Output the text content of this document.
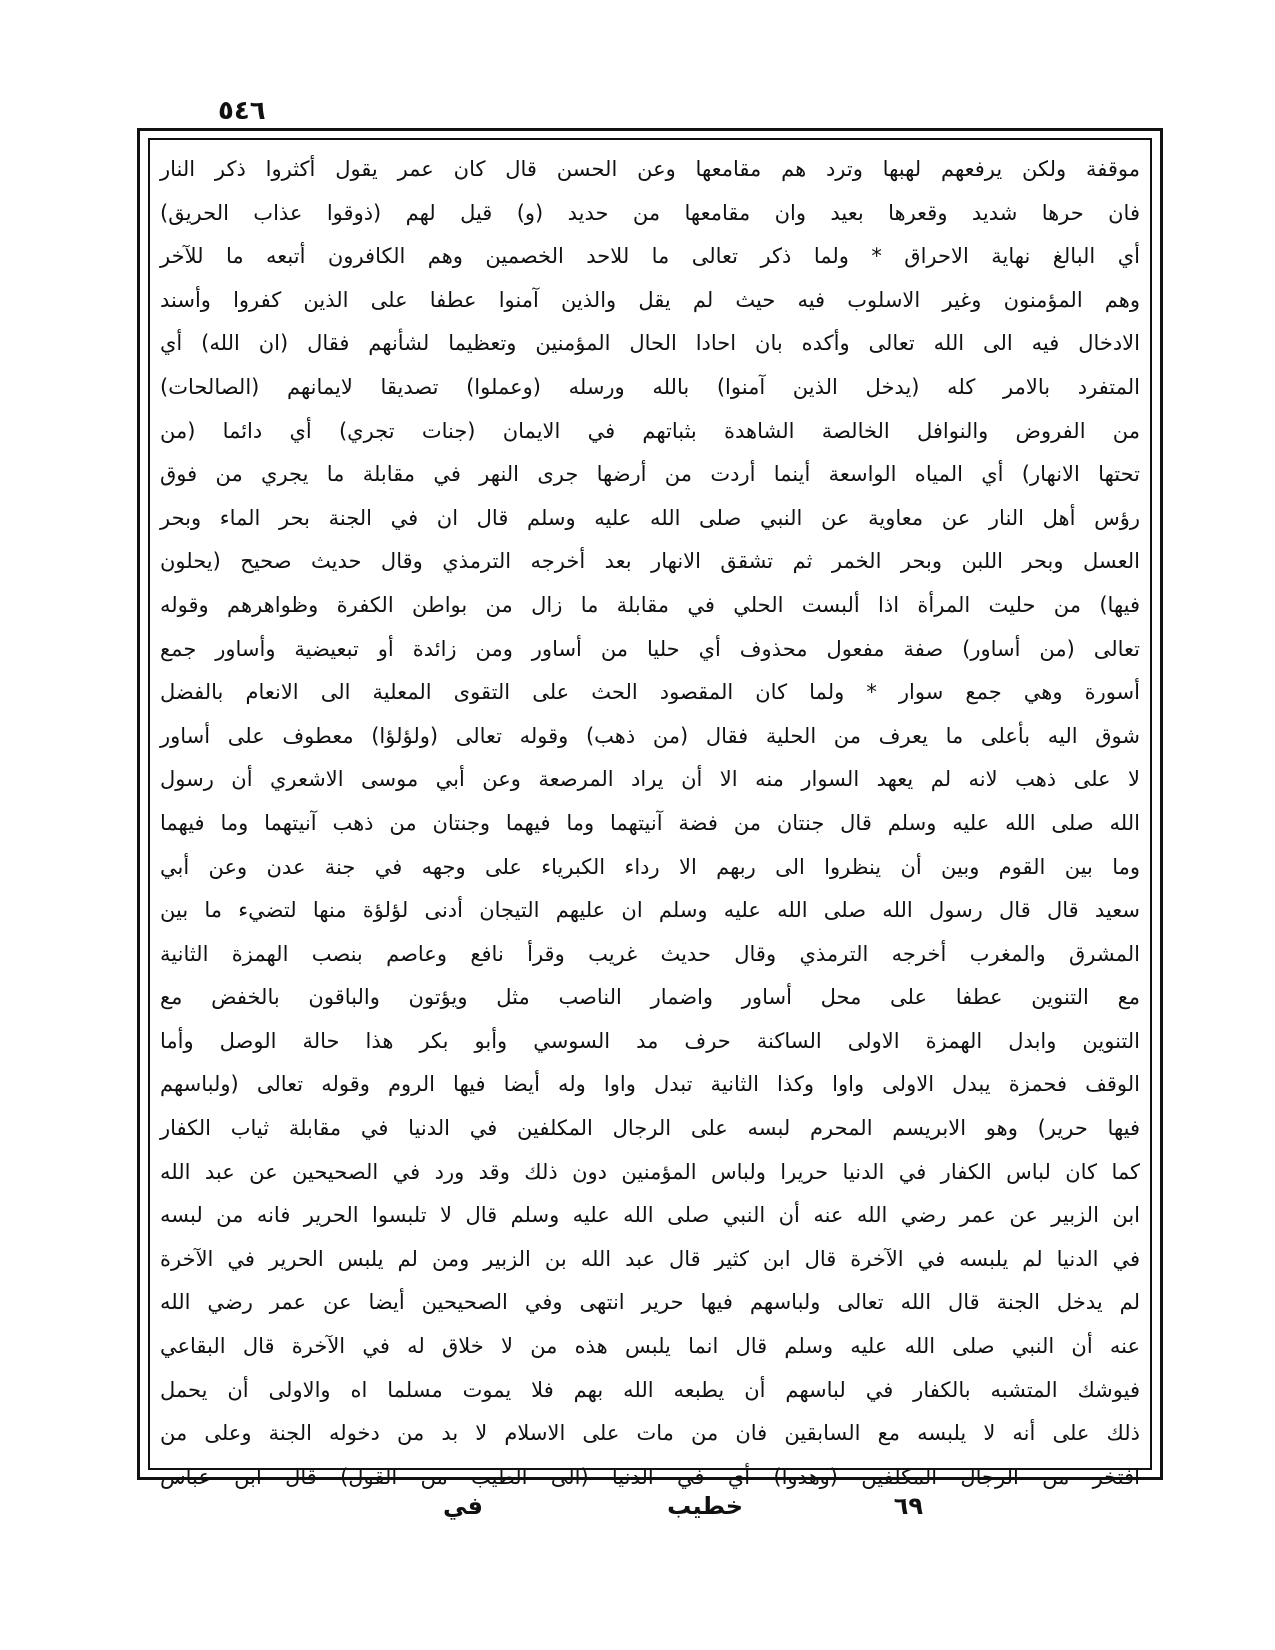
٥٤٦
موقفة ولكن يرفعهم لهبها وترد هم مقامعها وعن الحسن قال كان عمر يقول أكثروا ذكر النار
فان حرها شديد وقعرها بعيد وان مقامعها من حديد (و) قيل لهم (ذوقوا عذاب الحريق)
أي البالغ نهاية الاحراق * ولما ذكر تعالى ما للاحد الخصمين وهم الكافرون أتبعه ما للآخر
وهم المؤمنون وغير الاسلوب فيه حيث لم يقل والذين آمنوا عطفا على الذين كفروا وأسند
الادخال فيه الى الله تعالى وأكده بان احادا الحال المؤمنين وتعظيما لشأنهم فقال (ان الله) أي
المتفرد بالامر كله (يدخل الذين آمنوا) بالله ورسله (وعملوا) تصديقا لايمانهم (الصالحات)
من الفروض والنوافل الخالصة الشاهدة بثباتهم في الايمان (جنات تجري) أي دائما (من
تحتها الانهار) أي المياه الواسعة أينما أردت من أرضها جرى النهر في مقابلة ما يجري من فوق
رؤس أهل النار عن معاوية عن النبي صلى الله عليه وسلم قال ان في الجنة بحر الماء وبحر
العسل وبحر اللبن وبحر الخمر ثم تشقق الانهار بعد أخرجه الترمذي وقال حديث صحيح (يحلون
فيها) من حليت المرأة اذا ألبست الحلي في مقابلة ما زال من بواطن الكفرة وظواهرهم وقوله
تعالى (من أساور) صفة مفعول محذوف أي حليا من أساور ومن زائدة أو تبعيضية وأساور جمع
أسورة وهي جمع سوار * ولما كان المقصود الحث على التقوى المعلية الى الانعام بالفضل
شوق اليه بأعلى ما يعرف من الحلية فقال (من ذهب) وقوله تعالى (ولؤلؤا) معطوف على أساور
لا على ذهب لانه لم يعهد السوار منه الا أن يراد المرصعة وعن أبي موسى الاشعري أن رسول
الله صلى الله عليه وسلم قال جنتان من فضة آنيتهما وما فيهما وجنتان من ذهب آنيتهما وما فيهما
وما بين القوم وبين أن ينظروا الى ربهم الا رداء الكبرياء على وجهه في جنة عدن وعن أبي
سعيد قال قال رسول الله صلى الله عليه وسلم ان عليهم التيجان أدنى لؤلؤة منها لتضيء ما بين
المشرق والمغرب أخرجه الترمذي وقال حديث غريب وقرأ نافع وعاصم بنصب الهمزة الثانية
مع التنوين عطفا على محل أساور واضمار الناصب مثل ويؤتون والباقون بالخفض مع
التنوين وابدل الهمزة الاولى الساكنة حرف مد السوسي وأبو بكر هذا حالة الوصل وأما
الوقف فحمزة يبدل الاولى واوا وكذا الثانية تبدل واوا وله أيضا فيها الروم وقوله تعالى (ولباسهم
فيها حرير) وهو الابريسم المحرم لبسه على الرجال المكلفين في الدنيا في مقابلة ثياب الكفار
كما كان لباس الكفار في الدنيا حريرا ولباس المؤمنين دون ذلك وقد ورد في الصحيحين عن عبد الله
ابن الزبير عن عمر رضي الله عنه أن النبي صلى الله عليه وسلم قال لا تلبسوا الحرير فانه من لبسه
في الدنيا لم يلبسه في الآخرة قال ابن كثير قال عبد الله بن الزبير ومن لم يلبس الحرير في الآخرة
لم يدخل الجنة قال الله تعالى ولباسهم فيها حرير انتهى وفي الصحيحين أيضا عن عمر رضي الله
عنه أن النبي صلى الله عليه وسلم قال انما يلبس هذه من لا خلاق له في الآخرة قال البقاعي
فيوشك المتشبه بالكفار في لباسهم أن يطبعه الله بهم فلا يموت مسلما اه والاولى أن يحمل
ذلك على أنه لا يلبسه مع السابقين فان من مات على الاسلام لا بد من دخوله الجنة وعلى من
افتخر من الرجال المكلفين (وهدوا) أي في الدنيا (الى الطيب من القول) قال ابن عباس
في	خطيب	٦٩
